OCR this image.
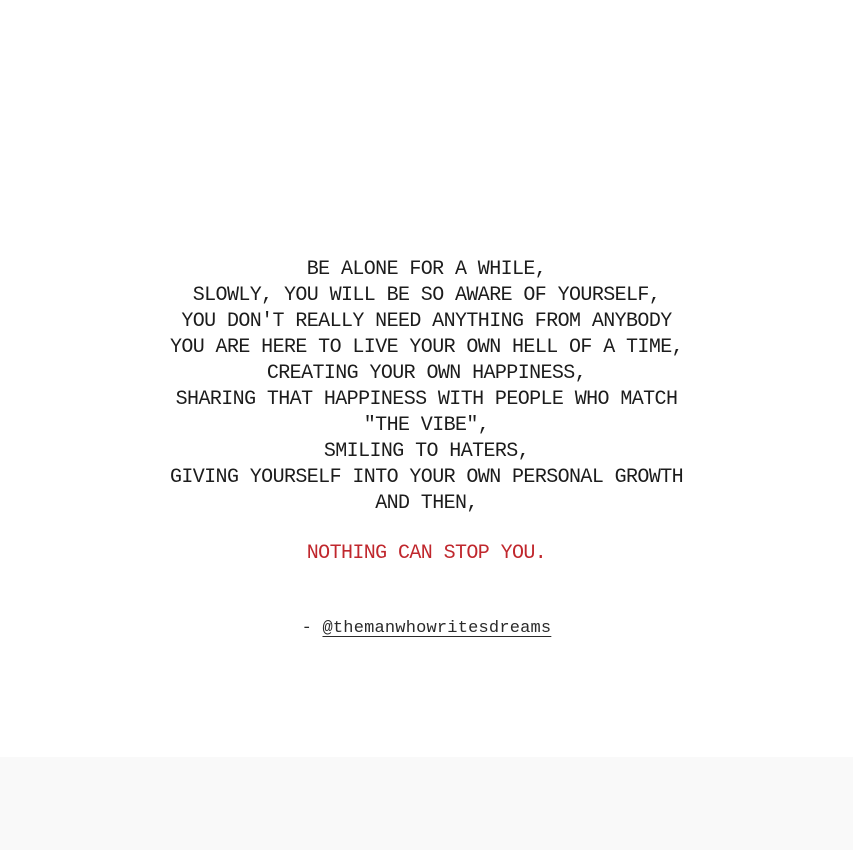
BE ALONE FOR A WHILE,
SLOWLY, YOU WILL BE SO AWARE OF YOURSELF,
YOU DON'T REALLY NEED ANYTHING FROM ANYBODY
YOU ARE HERE TO LIVE YOUR OWN HELL OF A TIME,
CREATING YOUR OWN HAPPINESS,
SHARING THAT HAPPINESS WITH PEOPLE WHO MATCH
"THE VIBE",
SMILING TO HATERS,
GIVING YOURSELF INTO YOUR OWN PERSONAL GROWTH
AND THEN,

NOTHING CAN STOP YOU.

- @themanwhowritesdreams
